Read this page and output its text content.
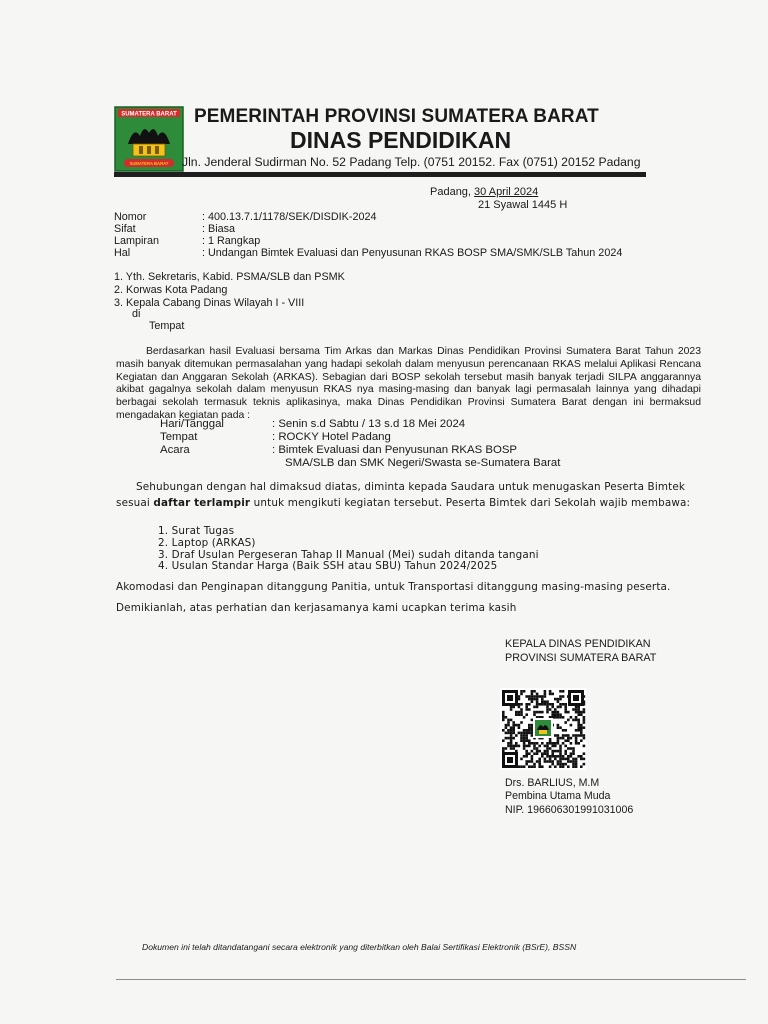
SUMATERA BARAT
SUMATERA BARAT
PEMERINTAH PROVINSI SUMATERA BARAT
DINAS PENDIDIKAN
Jln. Jenderal Sudirman No. 52 Padang Telp. (0751 20152. Fax (0751) 20152 Padang
Padang, 30 April 2024
21 Syawal 1445 H
Nomor	: 400.13.7.1/1178/SEK/DISDIK-2024
Sifat	: Biasa
Lampiran	: 1 Rangkap
Hal	: Undangan Bimtek Evaluasi dan Penyusunan RKAS BOSP SMA/SMK/SLB Tahun 2024
1. Yth. Sekretaris, Kabid. PSMA/SLB dan PSMK
2. Korwas Kota Padang
3. Kepala Cabang Dinas Wilayah I - VIII
di
Tempat
Berdasarkan hasil Evaluasi bersama Tim Arkas dan Markas Dinas Pendidikan Provinsi Sumatera Barat Tahun 2023 masih banyak ditemukan permasalahan yang hadapi sekolah dalam menyusun perencanaan RKAS melalui Aplikasi Rencana Kegiatan dan Anggaran Sekolah (ARKAS). Sebagian dari BOSP sekolah tersebut masih banyak terjadi SILPA anggarannya akibat gagalnya sekolah dalam menyusun RKAS nya masing-masing dan banyak lagi permasalah lainnya yang dihadapi berbagai sekolah termasuk teknis aplikasinya, maka Dinas Pendidikan Provinsi Sumatera Barat dengan ini bermaksud mengadakan kegiatan pada :
Hari/Tanggal	: Senin s.d Sabtu / 13 s.d 18 Mei 2024
Tempat	: ROCKY Hotel Padang
Acara	: Bimtek Evaluasi dan Penyusunan RKAS BOSP
SMA/SLB dan SMK Negeri/Swasta se-Sumatera Barat
Sehubungan dengan hal dimaksud diatas, diminta kepada Saudara untuk menugaskan Peserta Bimtek sesuai daftar terlampir untuk mengikuti kegiatan tersebut. Peserta Bimtek dari Sekolah wajib membawa:
1. Surat Tugas
2. Laptop (ARKAS)
3. Draf Usulan Pergeseran Tahap II Manual (Mei) sudah ditanda tangani
4. Usulan Standar Harga (Baik SSH atau SBU) Tahun 2024/2025
Akomodasi dan Penginapan ditanggung Panitia, untuk Transportasi ditanggung masing-masing peserta.
Demikianlah, atas perhatian dan kerjasamanya kami ucapkan terima kasih
KEPALA DINAS PENDIDIKAN
PROVINSI SUMATERA BARAT
Drs. BARLIUS, M.M
Pembina Utama Muda
NIP. 196606301991031006
Dokumen ini telah ditandatangani secara elektronik yang diterbitkan oleh Balai Sertifikasi Elektronik (BSrE), BSSN
